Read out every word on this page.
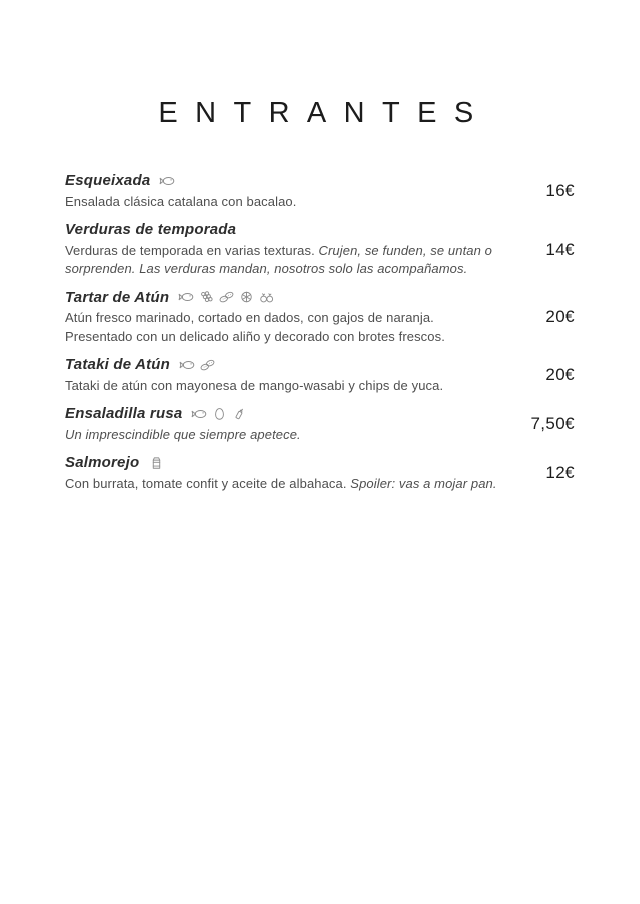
ENTRANTES
Esqueixada

Ensalada clásica catalana con bacalao.

16€
Verduras de temporada

Verduras de temporada en varias texturas. Crujen, se funden, se untan o sorprenden. Las verduras mandan, nosotros solo las acompañamos.

14€
Tartar de Atún

Atún fresco marinado, cortado en dados, con gajos de naranja.
Presentado con un delicado aliño y decorado con brotes frescos.

20€
Tataki de Atún

Tataki de atún con mayonesa de mango-wasabi y chips de yuca.

20€
Ensaladilla rusa

Un imprescindible que siempre apetece.

7,50€
Salmorejo

Con burrata, tomate confit y aceite de albahaca. Spoiler: vas a mojar pan.

12€
